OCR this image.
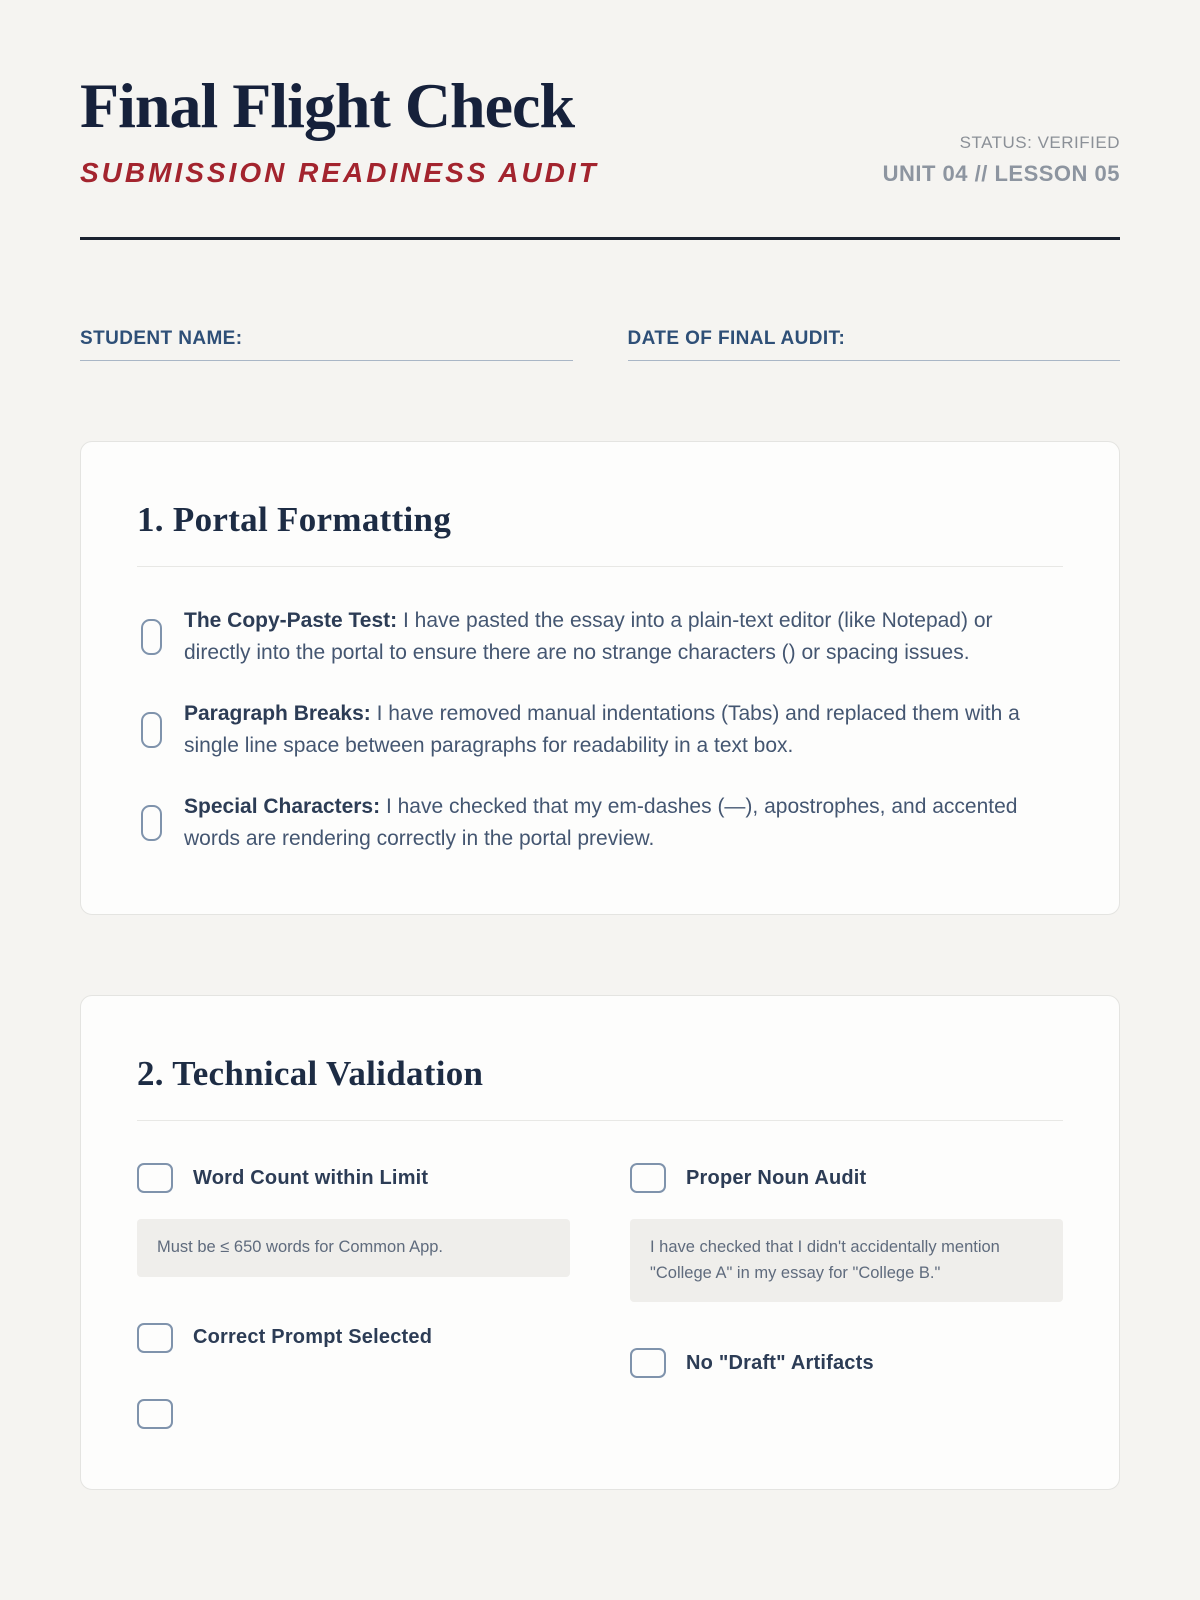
Final Flight Check
SUBMISSION READINESS AUDIT
STATUS: VERIFIED
UNIT 04 // LESSON 05
STUDENT NAME:	DATE OF FINAL AUDIT:
1. Portal Formatting
The Copy-Paste Test: I have pasted the essay into a plain-text editor (like Notepad) or directly into the portal to ensure there are no strange characters () or spacing issues.
Paragraph Breaks: I have removed manual indentations (Tabs) and replaced them with a single line space between paragraphs for readability in a text box.
Special Characters: I have checked that my em-dashes (—), apostrophes, and accented words are rendering correctly in the portal preview.
2. Technical Validation
Word Count within Limit
Must be ≤ 650 words for Common App.
Correct Prompt Selected
Proper Noun Audit
I have checked that I didn't accidentally mention "College A" in my essay for "College B."
No "Draft" Artifacts
